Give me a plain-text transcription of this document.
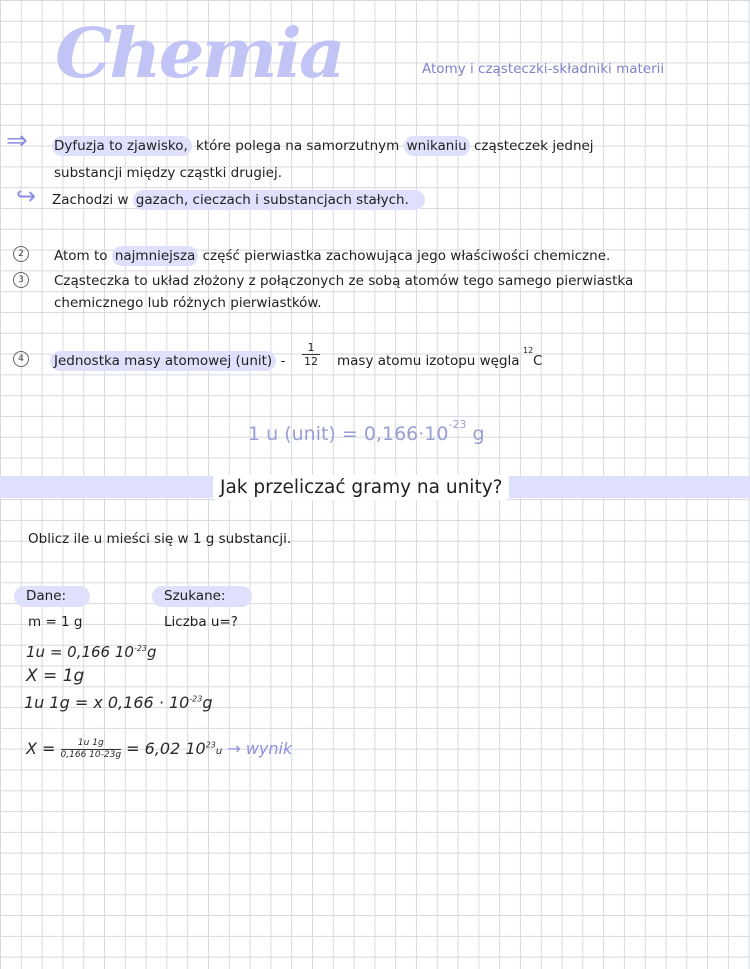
Chemia	Atomy i cząsteczki-składniki materii
⇒ Dyfuzja to zjawisko, które polega na samorzutnym wnikaniu cząsteczek jednej
substancji między cząstki drugiej.
↪ Zachodzi w gazach, cieczach i substancjach stałych.
2	Atom to najmniejsza część pierwiastka zachowująca jego właściwości chemiczne.
3	Cząsteczka to układ złożony z połączonych ze sobą atomów tego samego pierwiastka
chemicznego lub różnych pierwiastków.
4	Jednostka masy atomowej (unit) - $\frac{1}{12}$ masy atomu izotopu węgla
12
C
1 u (unit) = $0,166\cdot 10^{-23}$ g
Jak przeliczać gramy na unity?
Oblicz ile u mieści się w 1 g substancji.
Dane:	Szukane:
m = 1 g	Liczba u=?
1u = 0,166 $10^{-23}g$
X = 1g
1u 1g = x $0,166 \cdot 10^{-23}g$
$X = \frac{1u 1g}{0,166 10-23g} = 6,02$ $10^{23}u$ → wynik
